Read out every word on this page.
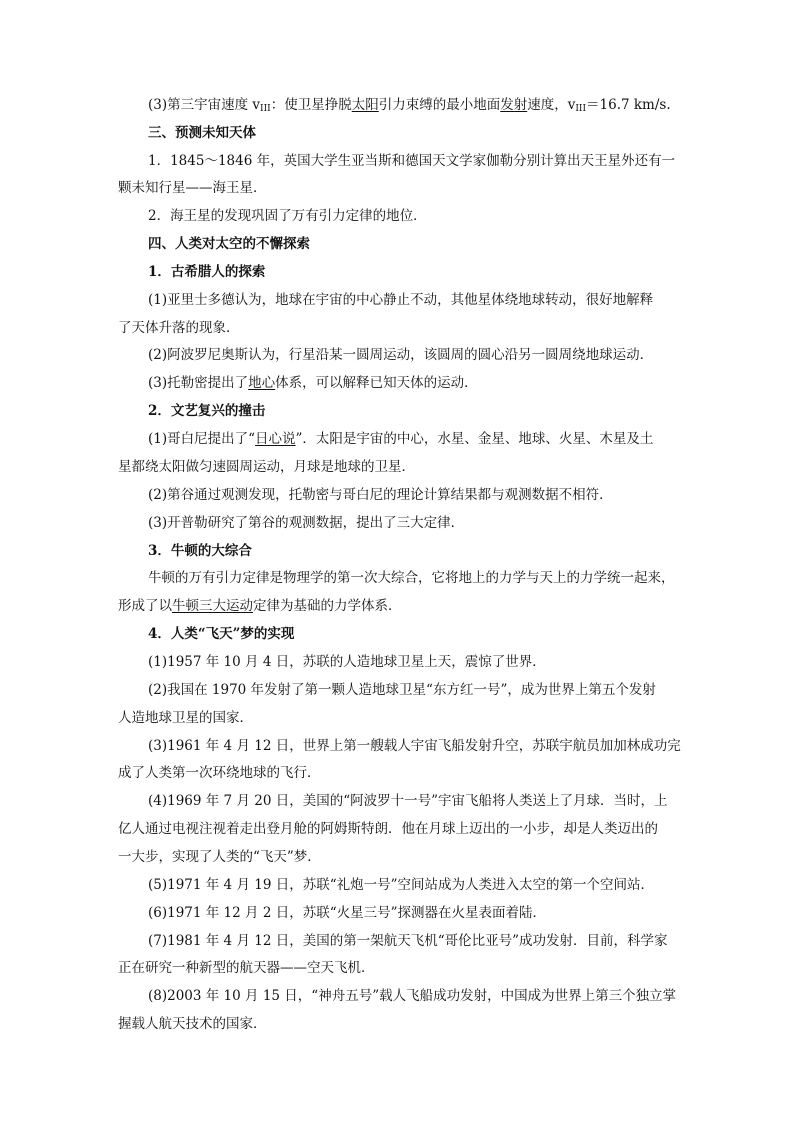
(3)第三宇宙速度 $v_{III}$：使卫星挣脱太阳引力束缚的最小地面发射速度，$v_{III}=16.7$ km/s.
三、预测未知天体
1．1845～1846 年，英国大学生亚当斯和德国天文学家伽勒分别计算出天王星外还有一
颗未知行星——海王星．
2．海王星的发现巩固了万有引力定律的地位．
四、人类对太空的不懈探索
1．古希腊人的探索
(1)亚里士多德认为，地球在宇宙的中心静止不动，其他星体绕地球转动，很好地解释
了天体升落的现象．
(2)阿波罗尼奥斯认为，行星沿某一圆周运动，该圆周的圆心沿另一圆周绕地球运动．
(3)托勒密提出了地心体系，可以解释已知天体的运动．
2．文艺复兴的撞击
(1)哥白尼提出了“日心说”．太阳是宇宙的中心，水星、金星、地球、火星、木星及土
星都绕太阳做匀速圆周运动，月球是地球的卫星．
(2)第谷通过观测发现，托勒密与哥白尼的理论计算结果都与观测数据不相符．
(3)开普勒研究了第谷的观测数据，提出了三大定律．
3．牛顿的大综合
牛顿的万有引力定律是物理学的第一次大综合，它将地上的力学与天上的力学统一起来，
形成了以牛顿三大运动定律为基础的力学体系．
4．人类“飞天”梦的实现
(1)1957 年 10 月 4 日，苏联的人造地球卫星上天，震惊了世界．
(2)我国在 1970 年发射了第一颗人造地球卫星“东方红一号”，成为世界上第五个发射
人造地球卫星的国家．
(3)1961 年 4 月 12 日，世界上第一艘载人宇宙飞船发射升空，苏联宇航员加加林成功完
成了人类第一次环绕地球的飞行．
(4)1969 年 7 月 20 日，美国的“阿波罗十一号”宇宙飞船将人类送上了月球．当时，上
亿人通过电视注视着走出登月舱的阿姆斯特朗．他在月球上迈出的一小步，却是人类迈出的
一大步，实现了人类的“飞天”梦．
(5)1971 年 4 月 19 日，苏联“礼炮一号”空间站成为人类进入太空的第一个空间站．
(6)1971 年 12 月 2 日，苏联“火星三号”探测器在火星表面着陆．
(7)1981 年 4 月 12 日，美国的第一架航天飞机“哥伦比亚号”成功发射．目前，科学家
正在研究一种新型的航天器——空天飞机．
(8)2003 年 10 月 15 日，“神舟五号”载人飞船成功发射，中国成为世界上第三个独立掌
握载人航天技术的国家．
